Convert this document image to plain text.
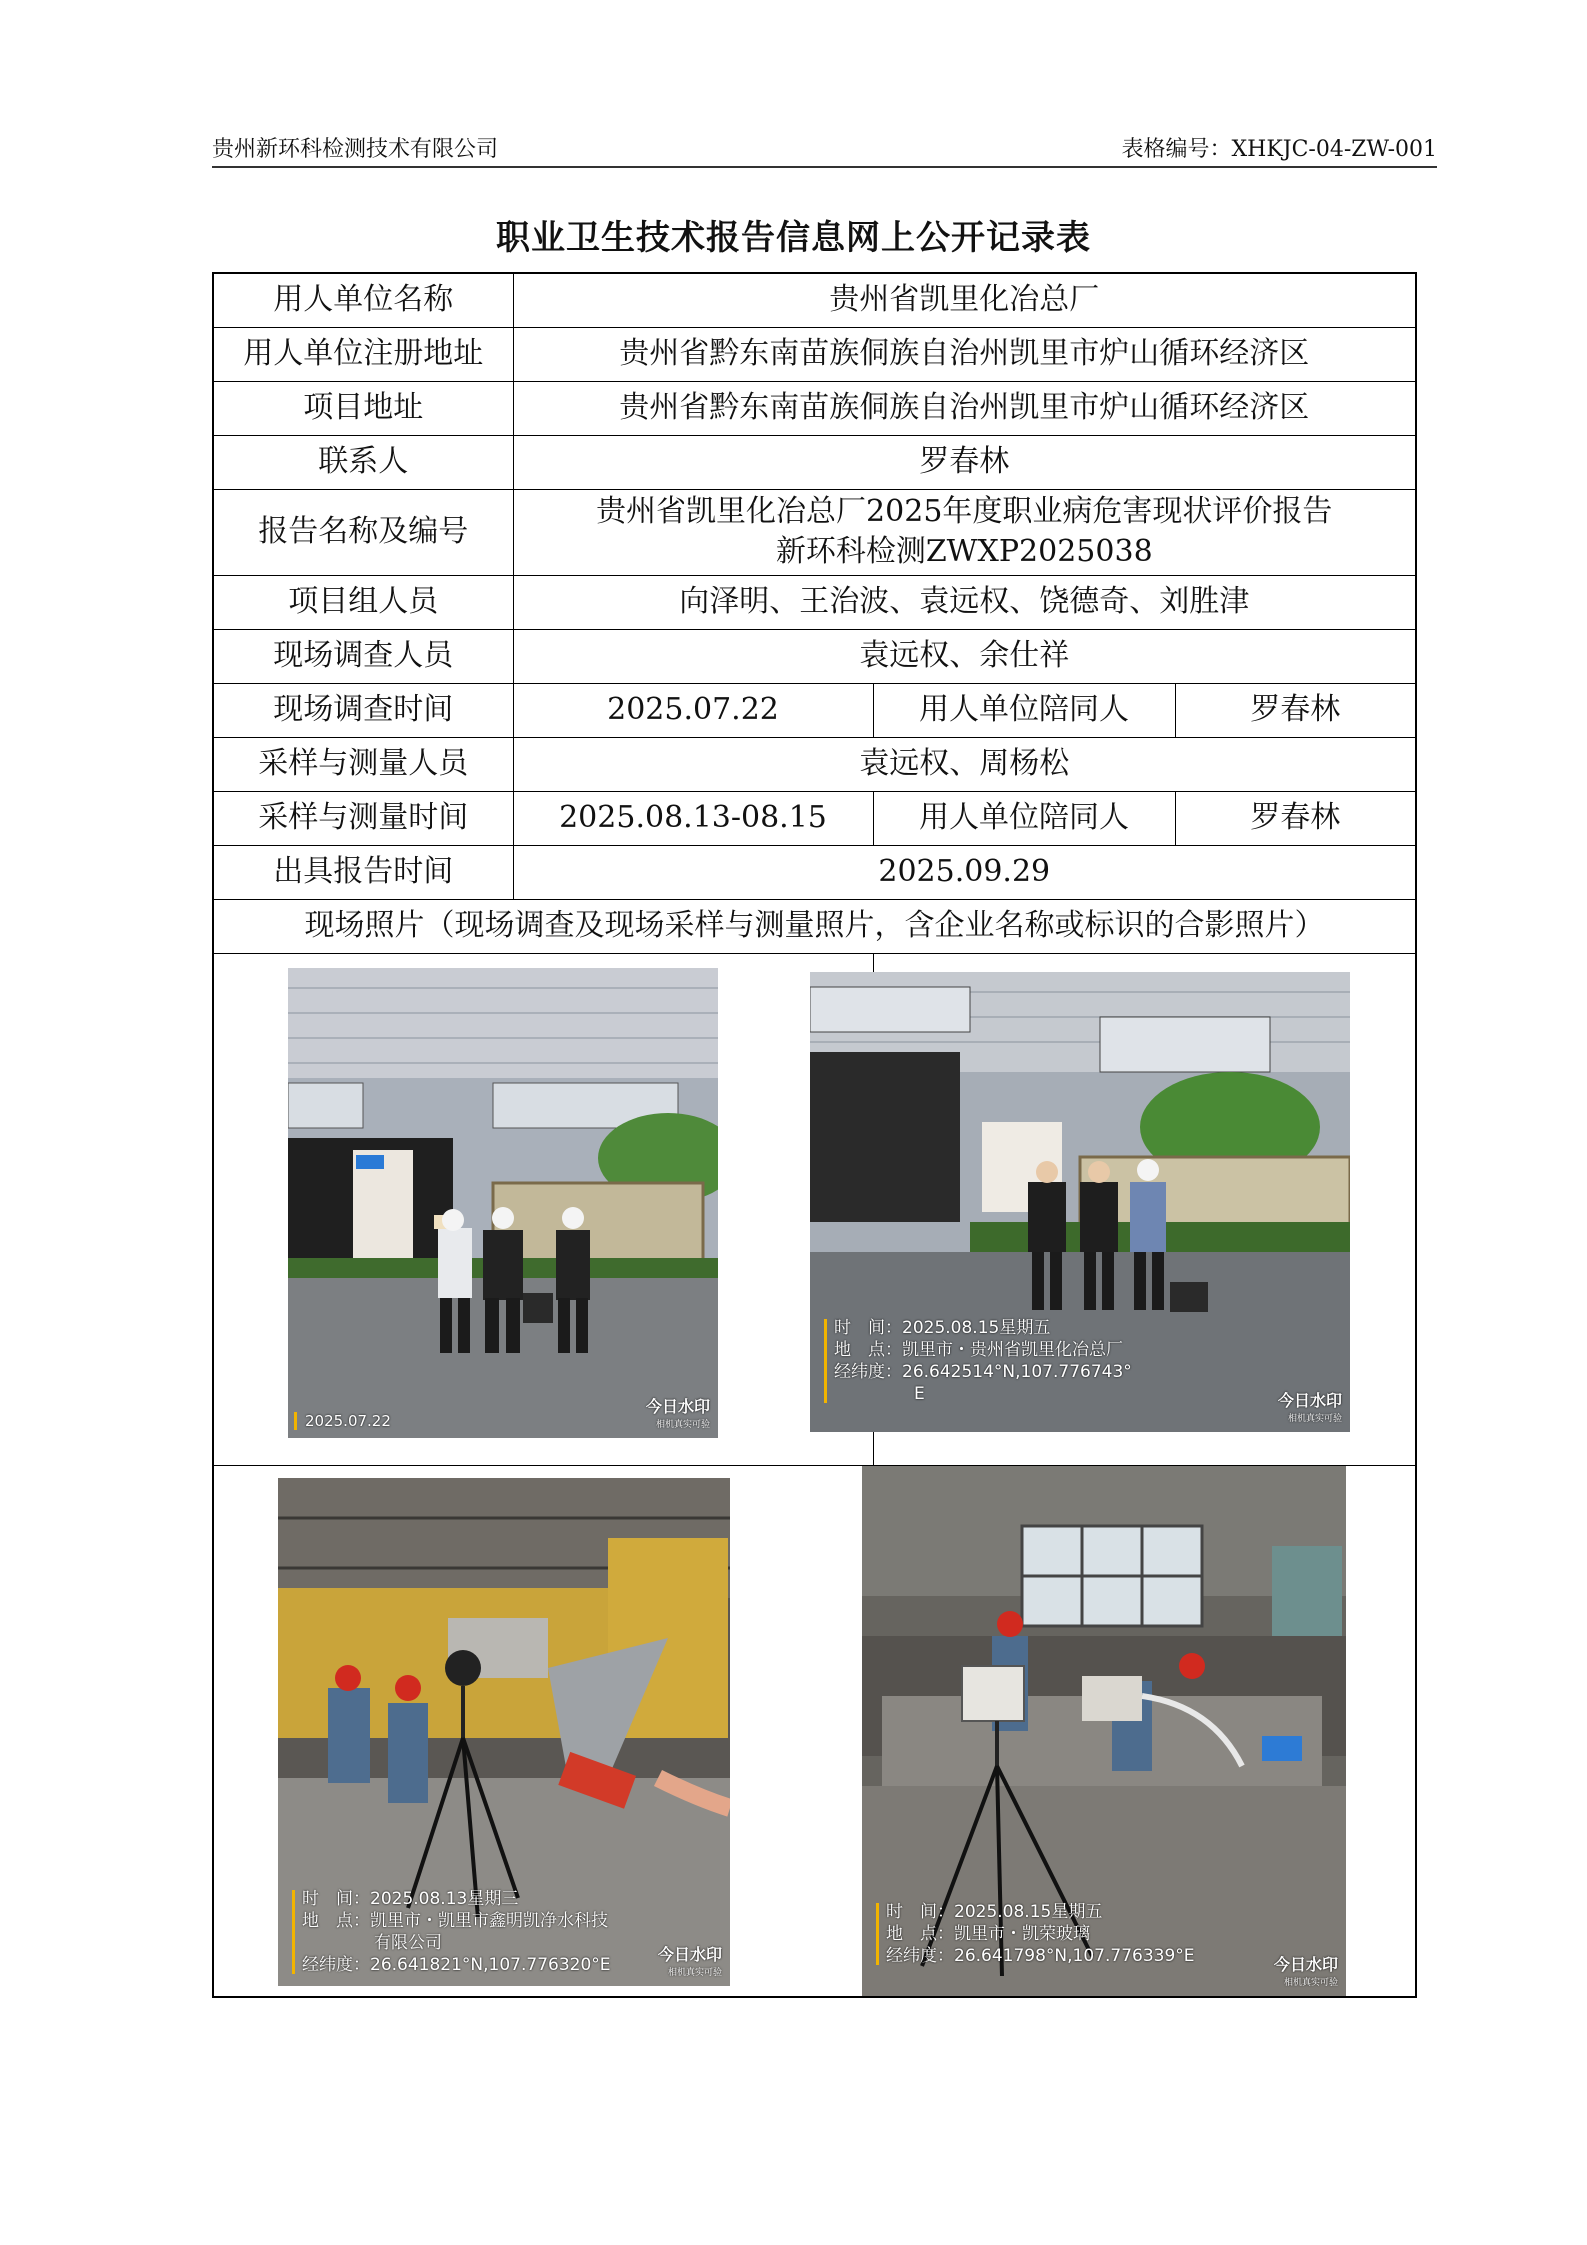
贵州新环科检测技术有限公司	表格编号：XHKJC-04-ZW-001
职业卫生技术报告信息网上公开记录表
用人单位名称	贵州省凯里化冶总厂		
用人单位注册地址	贵州省黔东南苗族侗族自治州凯里市炉山循环经济区		
项目地址	贵州省黔东南苗族侗族自治州凯里市炉山循环经济区		
联系人	罗春林		
报告名称及编号	贵州省凯里化冶总厂2025年度职业病危害现状评价报告
新环科检测ZWXP2025038		

项目组人员	向泽明、王治波、袁远权、饶德奇、刘胜津		
现场调查人员	袁远权、余仕祥		
现场调查时间	2025.07.22	用人单位陪同人	罗春林
采样与测量人员	袁远权、周杨松		
采样与测量时间	2025.08.13-08.15	用人单位陪同人	罗春林
出具报告时间	2025.09.29		
现场照片（现场调查及现场采样与测量照片，含企业名称或标识的合影照片）			

2025.07.22
今日水印
相机真实可验
时　间：2025.08.15星期五
地　点：凯里市・贵州省凯里化冶总厂
经纬度：26.642514°N,107.776743°
E	今日水印
相机真实可验
时　间：2025.08.13星期三
地　点：凯里市・凯里市鑫明凯净水科技
有限公司
经纬度：26.641821°N,107.776320°E
今日水印
相机真实可验
时　间：2025.08.15星期五
地　点：凯里市・凯荣玻璃
经纬度：26.641798°N,107.776339°E	今日水印
相机真实可验
